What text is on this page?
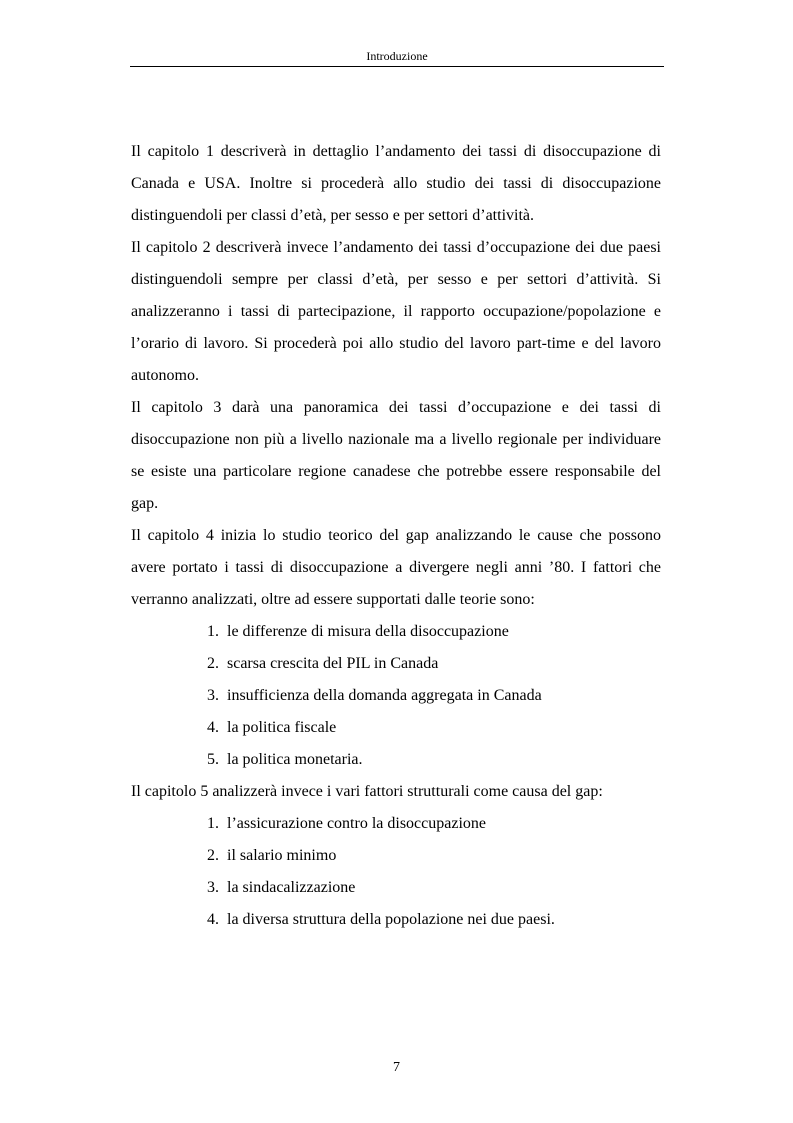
Introduzione

Il capitolo 1 descriverà in dettaglio l’andamento dei tassi di disoccupazione di Canada e USA. Inoltre si procederà allo studio dei tassi di disoccupazione distinguendoli per classi d’età, per sesso e per settori d’attività.

Il capitolo 2 descriverà invece l’andamento dei tassi d’occupazione dei due paesi distinguendoli sempre per classi d’età, per sesso e per settori d’attività. Si analizzeranno i tassi di partecipazione, il rapporto occupazione/popolazione e l’orario di lavoro. Si procederà poi allo studio del lavoro part-time e del lavoro autonomo.

Il capitolo 3 darà una panoramica dei tassi d’occupazione e dei tassi di disoccupazione non più a livello nazionale ma a livello regionale per individuare se esiste una particolare regione canadese che potrebbe essere responsabile del gap.

Il capitolo 4 inizia lo studio teorico del gap analizzando le cause che possono avere portato i tassi di disoccupazione a divergere negli anni ’80. I fattori che verranno analizzati, oltre ad essere supportati dalle teorie sono:

1. le differenze di misura della disoccupazione
2. scarsa crescita del PIL in Canada
3. insufficienza della domanda aggregata in Canada
4. la politica fiscale
5. la politica monetaria.

Il capitolo 5 analizzerà invece i vari fattori strutturali come causa del gap:

1. l’assicurazione contro la disoccupazione
2. il salario minimo
3. la sindacalizzazione
4. la diversa struttura della popolazione nei due paesi.
7
